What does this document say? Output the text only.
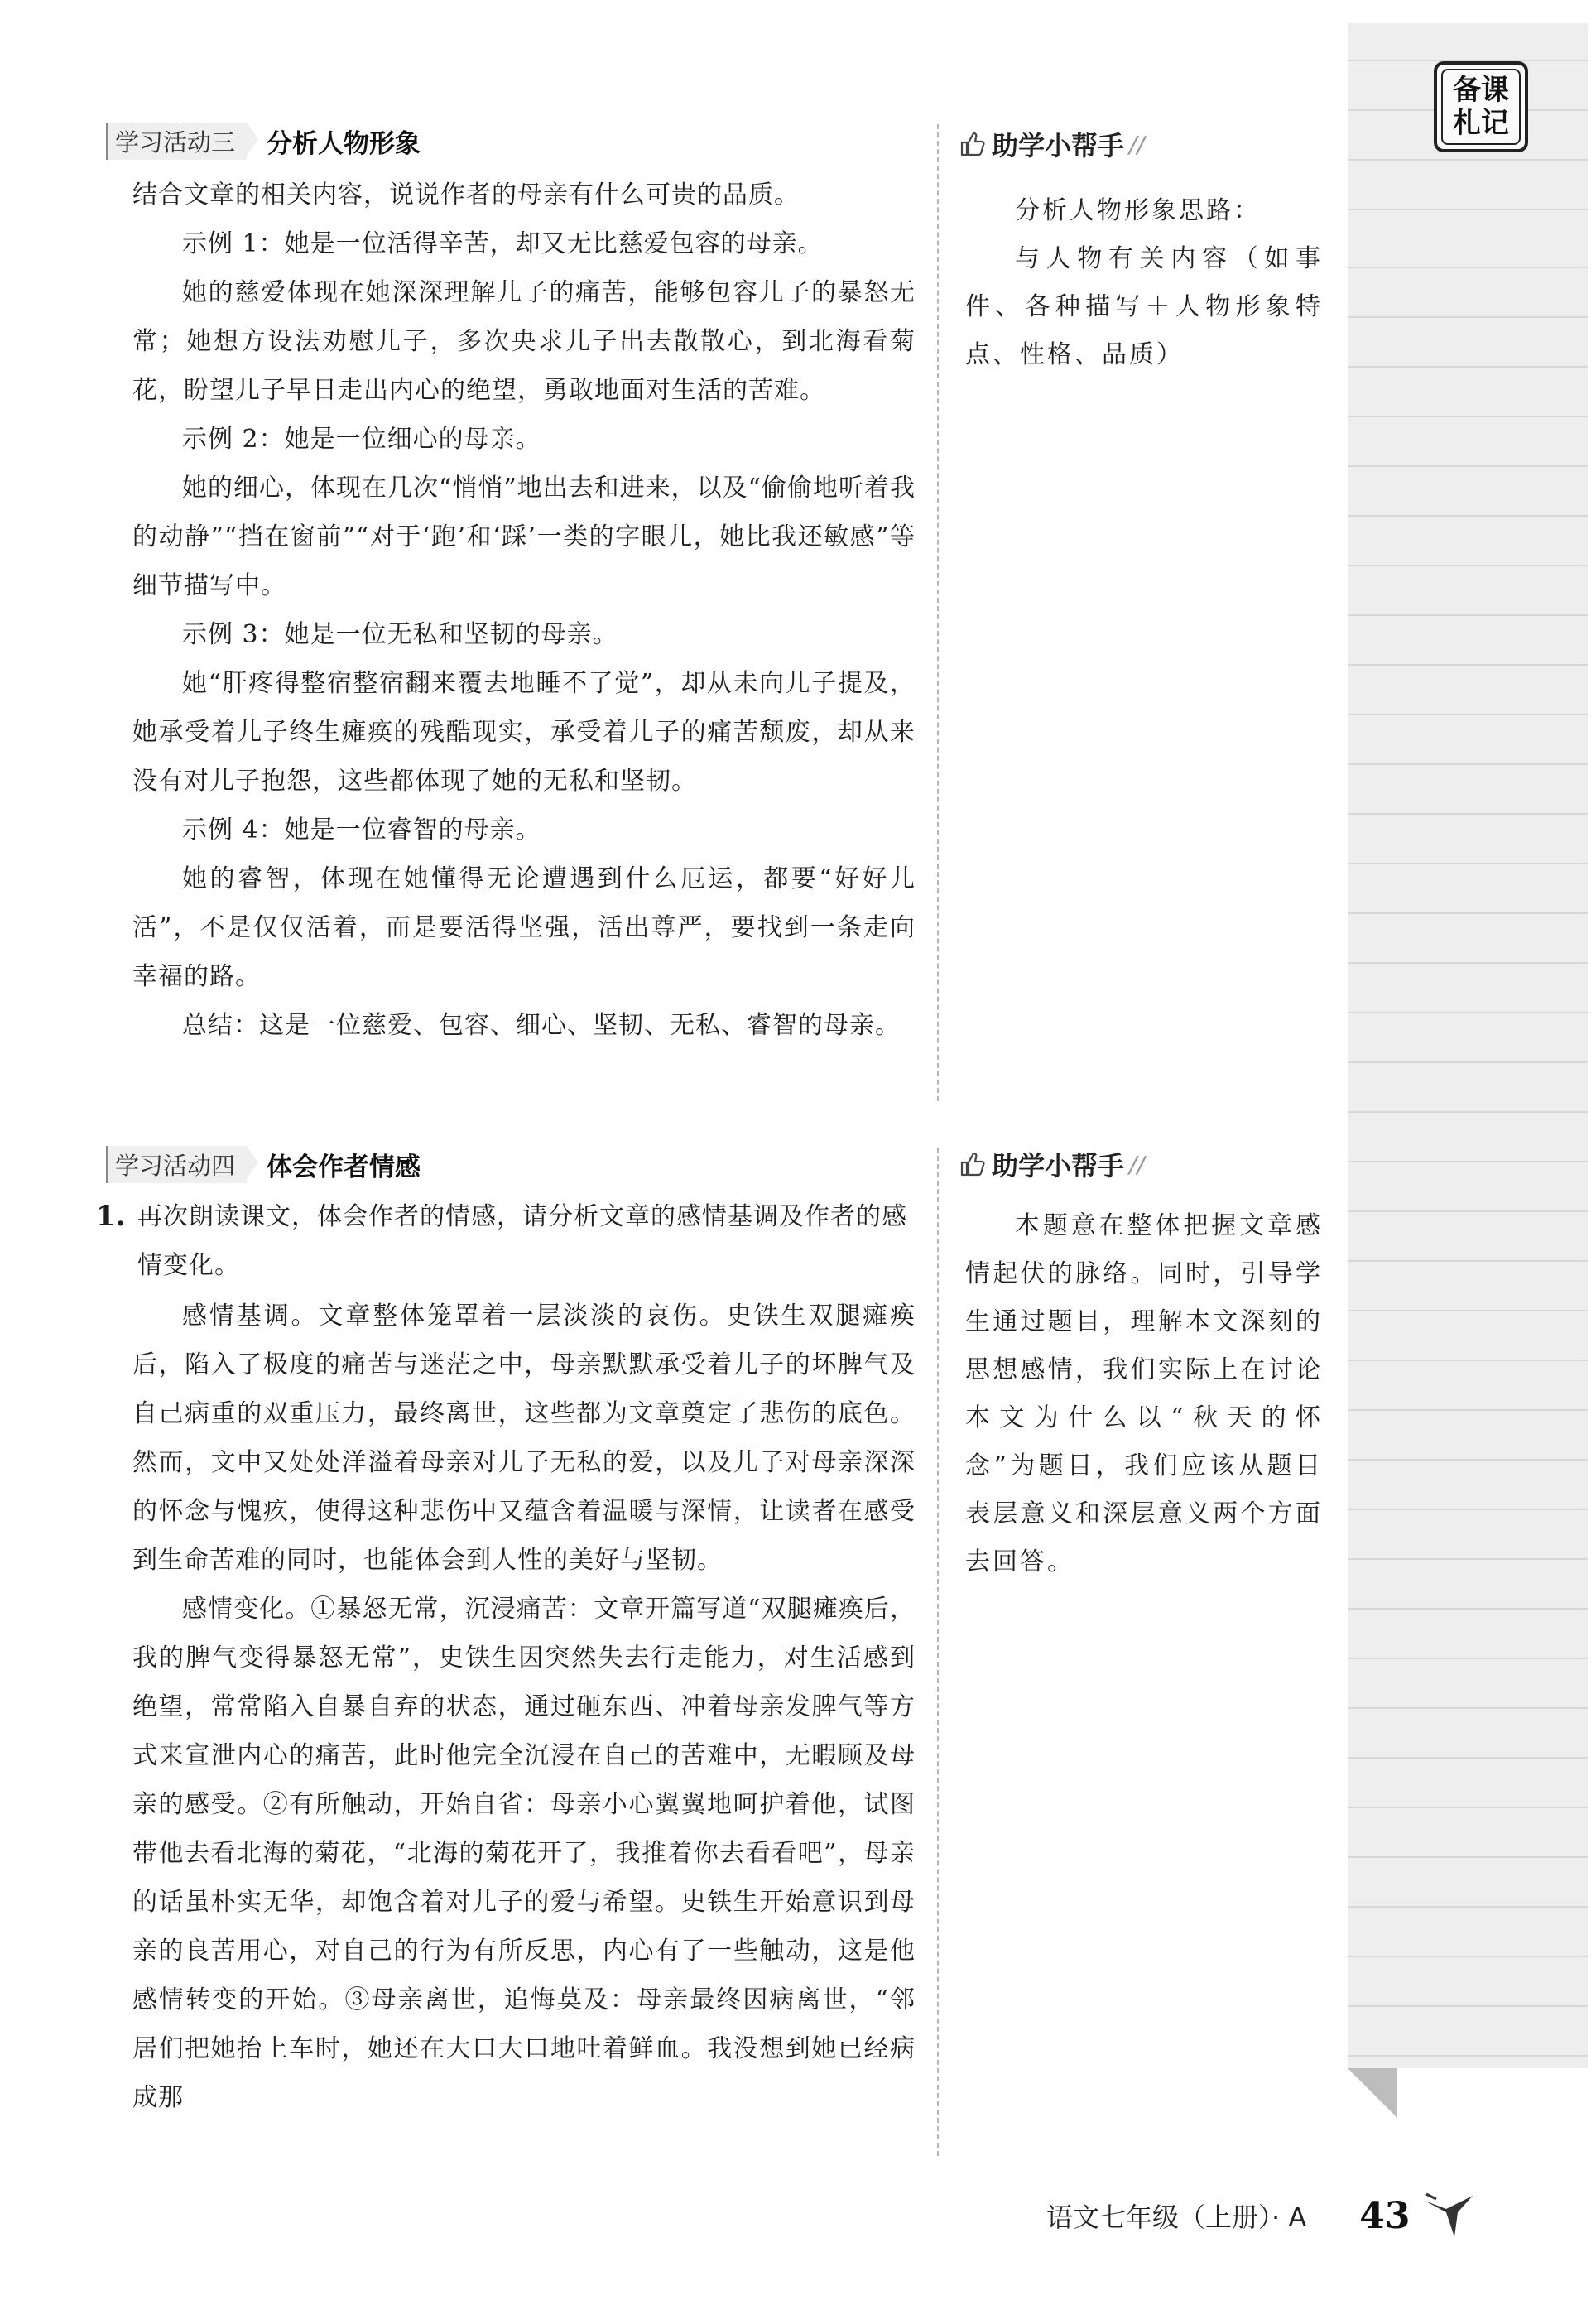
备课
札记
学习活动三	分析人物形象

结合文章的相关内容，说说作者的母亲有什么可贵的品质。

示例 1：她是一位活得辛苦，却又无比慈爱包容的母亲。

她的慈爱体现在她深深理解儿子的痛苦，能够包容儿子的暴怒无常；她想方设法劝慰儿子，多次央求儿子出去散散心，到北海看菊花，盼望儿子早日走出内心的绝望，勇敢地面对生活的苦难。

示例 2：她是一位细心的母亲。

她的细心，体现在几次“悄悄”地出去和进来，以及“偷偷地听着我的动静”“挡在窗前”“对于‘跑’和‘踩’一类的字眼儿，她比我还敏感”等细节描写中。

示例 3：她是一位无私和坚韧的母亲。

她“肝疼得整宿整宿翻来覆去地睡不了觉”，却从未向儿子提及，她承受着儿子终生瘫痪的残酷现实，承受着儿子的痛苦颓废，却从来没有对儿子抱怨，这些都体现了她的无私和坚韧。

示例 4：她是一位睿智的母亲。

她的睿智，体现在她懂得无论遭遇到什么厄运，都要“好好儿活”，不是仅仅活着，而是要活得坚强，活出尊严，要找到一条走向幸福的路。

总结：这是一位慈爱、包容、细心、坚韧、无私、睿智的母亲。

助学小帮手 //

分析人物形象思路：

与人物有关内容（如事件、各种描写＋人物形象特点、性格、品质）

学习活动四	体会作者情感
1. 再次朗读课文，体会作者的情感，请分析文章的感情基调及作者的感情变化。

感情基调。文章整体笼罩着一层淡淡的哀伤。史铁生双腿瘫痪后，陷入了极度的痛苦与迷茫之中，母亲默默承受着儿子的坏脾气及自己病重的双重压力，最终离世，这些都为文章奠定了悲伤的底色。然而，文中又处处洋溢着母亲对儿子无私的爱，以及儿子对母亲深深的怀念与愧疚，使得这种悲伤中又蕴含着温暖与深情，让读者在感受到生命苦难的同时，也能体会到人性的美好与坚韧。

感情变化。①暴怒无常，沉浸痛苦：文章开篇写道“双腿瘫痪后，我的脾气变得暴怒无常”，史铁生因突然失去行走能力，对生活感到绝望，常常陷入自暴自弃的状态，通过砸东西、冲着母亲发脾气等方式来宣泄内心的痛苦，此时他完全沉浸在自己的苦难中，无暇顾及母亲的感受。②有所触动，开始自省：母亲小心翼翼地呵护着他，试图带他去看北海的菊花，“北海的菊花开了，我推着你去看看吧”，母亲的话虽朴实无华，却饱含着对儿子的爱与希望。史铁生开始意识到母亲的良苦用心，对自己的行为有所反思，内心有了一些触动，这是他感情转变的开始。③母亲离世，追悔莫及：母亲最终因病离世，“邻居们把她抬上车时，她还在大口大口地吐着鲜血。我没想到她已经病成那

助学小帮手 //

本题意在整体把握文章感情起伏的脉络。同时，引导学生通过题目，理解本文深刻的思想感情，我们实际上在讨论本文为什么以“秋天的怀念”为题目，我们应该从题目表层意义和深层意义两个方面去回答。

语文七年级（上册）· A 43
